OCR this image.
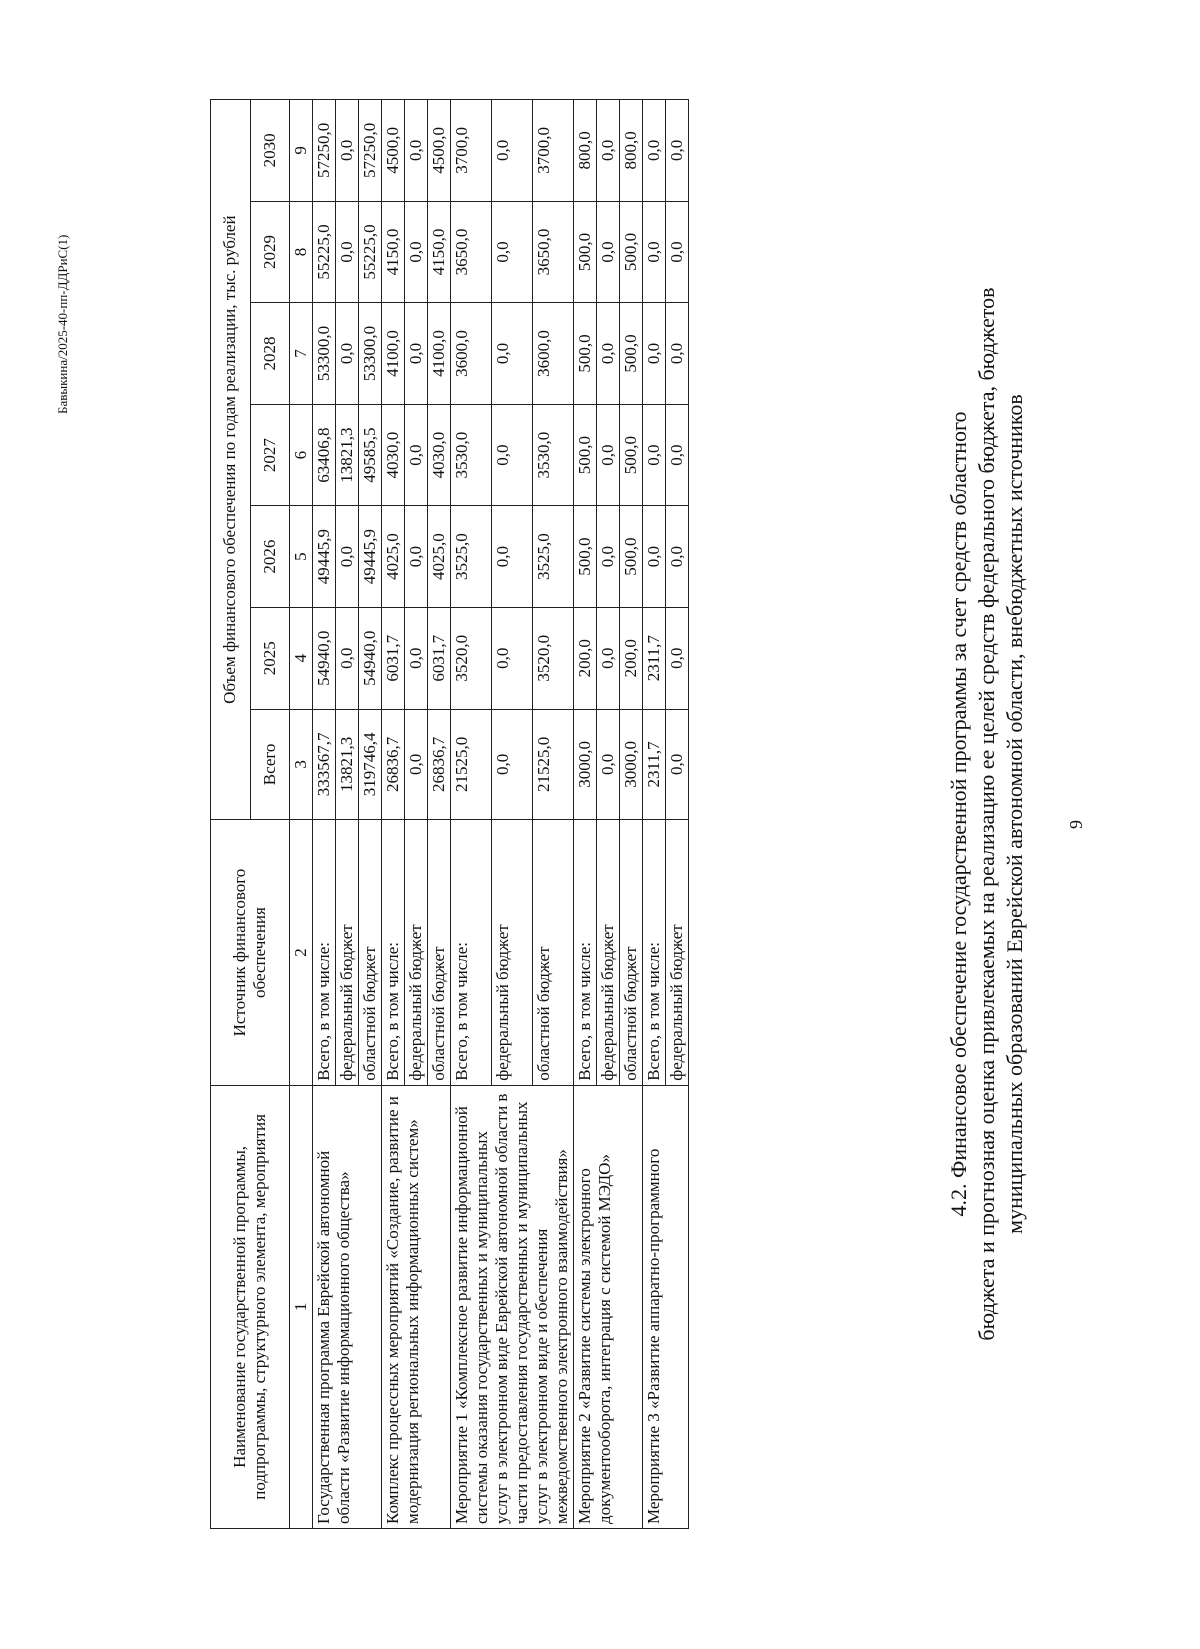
9
4.2. Финансовое обеспечение государственной программы за счет средств областного бюджета и прогнозная оценка привлекаемых на реализацию ее целей средств федерального бюджета, бюджетов муниципальных образований Еврейской автономной области, внебюджетных источников
Наименование государственной программы, подпрограммы, структурного элемента, мероприятия	Источник финансового обеспечения	Объем финансового обеспечения по годам реализации, тыс. рублей						
		Всего	2025	2026	2027	2028	2029	2030
1	2	3	4	5	6	7	8	9
Государственная программа Еврейской автономной области «Развитие информационного общества»	Всего, в том числе:	333567,7	54940,0	49445,9	63406,8	53300,0	55225,0	57250,0
	федеральный бюджет	13821,3	0,0	0,0	13821,3	0,0	0,0	0,0
	областной бюджет	319746,4	54940,0	49445,9	49585,5	53300,0	55225,0	57250,0
Комплекс процессных мероприятий «Создание, развитие и модернизация региональных информационных систем»	Всего, в том числе:	26836,7	6031,7	4025,0	4030,0	4100,0	4150,0	4500,0
	федеральный бюджет	0,0	0,0	0,0	0,0	0,0	0,0	0,0
	областной бюджет	26836,7	6031,7	4025,0	4030,0	4100,0	4150,0	4500,0
Мероприятие 1 «Комплексное развитие информационной системы оказания государственных и муниципальных услуг в электронном виде Еврейской автономной области в части предоставления государственных и муниципальных услуг в электронном виде и обеспечения межведомственного электронного взаимодействия»	Всего, в том числе:	21525,0	3520,0	3525,0	3530,0	3600,0	3650,0	3700,0
	федеральный бюджет	0,0	0,0	0,0	0,0	0,0	0,0	0,0
	областной бюджет	21525,0	3520,0	3525,0	3530,0	3600,0	3650,0	3700,0
Мероприятие 2 «Развитие системы электронного документооборота, интеграция с системой МЭДО»	Всего, в том числе:	3000,0	200,0	500,0	500,0	500,0	500,0	800,0
	федеральный бюджет	0,0	0,0	0,0	0,0	0,0	0,0	0,0
	областной бюджет	3000,0	200,0	500,0	500,0	500,0	500,0	800,0
Мероприятие 3 «Развитие аппаратно-программного	Всего, в том числе:	2311,7	2311,7	0,0	0,0	0,0	0,0	0,0
	федеральный бюджет	0,0	0,0	0,0	0,0	0,0	0,0	0,0
Бавыкина/2025-40-пп-ДДРиС(1)
